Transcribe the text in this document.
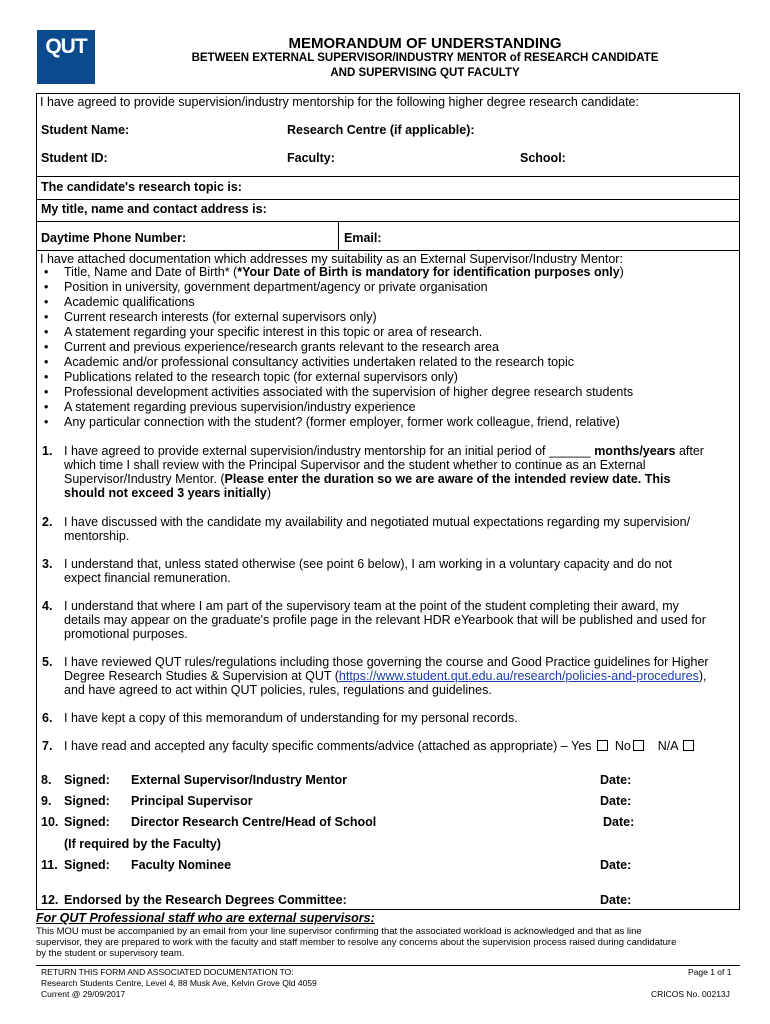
QUT	MEMORANDUM OF UNDERSTANDING
BETWEEN EXTERNAL SUPERVISOR/INDUSTRY MENTOR of RESEARCH CANDIDATE
AND SUPERVISING QUT FACULTY
I have agreed to provide supervision/industry mentorship for the following higher degree research candidate:
Student Name:	Research Centre (if applicable):
Student ID:	Faculty:	School:
The candidate's research topic is:
My title, name and contact address is:
Daytime Phone Number:	Email:
I have attached documentation which addresses my suitability as an External Supervisor/Industry Mentor:
• Title, Name and Date of Birth* (*Your Date of Birth is mandatory for identification purposes only)
• Position in university, government department/agency or private organisation
• Academic qualifications
• Current research interests (for external supervisors only)
• A statement regarding your specific interest in this topic or area of research.
• Current and previous experience/research grants relevant to the research area
• Academic and/or professional consultancy activities undertaken related to the research topic
• Publications related to the research topic (for external supervisors only)
• Professional development activities associated with the supervision of higher degree research students
• A statement regarding previous supervision/industry experience
• Any particular connection with the student? (former employer, former work colleague, friend, relative)
1. I have agreed to provide external supervision/industry mentorship for an initial period of ______ months/years after

which time I shall review with the Principal Supervisor and the student whether to continue as an External

Supervisor/Industry Mentor. (Please enter the duration so we are aware of the intended review date. This

should not exceed 3 years initially)

2. I have discussed with the candidate my availability and negotiated mutual expectations regarding my supervision/

mentorship.

3. I understand that, unless stated otherwise (see point 6 below), I am working in a voluntary capacity and do not

expect financial remuneration.

4. I understand that where I am part of the supervisory team at the point of the student completing their award, my

details may appear on the graduate's profile page in the relevant HDR eYearbook that will be published and used for

promotional purposes.

5. I have reviewed QUT rules/regulations including those governing the course and Good Practice guidelines for Higher

Degree Research Studies & Supervision at QUT (https://www.student.qut.edu.au/research/policies-and-procedures),

and have agreed to act within QUT policies, rules, regulations and guidelines.

6. I have kept a copy of this memorandum of understanding for my personal records.

7. I have read and accepted any faculty specific comments/advice (attached as appropriate) – Yes No N/A

8. Signed: External Supervisor/Industry Mentor	Date:
9. Signed: Principal Supervisor	Date:
10. Signed: Director Research Centre/Head of School	Date:
(If required by the Faculty)
11. Signed: Faculty Nominee	Date:
12. Endorsed by the Research Degrees Committee:	Date:
For QUT Professional staff who are external supervisors:

This MOU must be accompanied by an email from your line supervisor confirming that the associated workload is acknowledged and that as line

supervisor, they are prepared to work with the faculty and staff member to resolve any concerns about the supervision process raised during candidature

by the student or supervisory team.

RETURN THIS FORM AND ASSOCIATED DOCUMENTATION TO:
Research Students Centre, Level 4, 88 Musk Ave, Kelvin Grove Qld 4059
Current @ 29/09/2017
Page 1 of 1
CRICOS No. 00213J
